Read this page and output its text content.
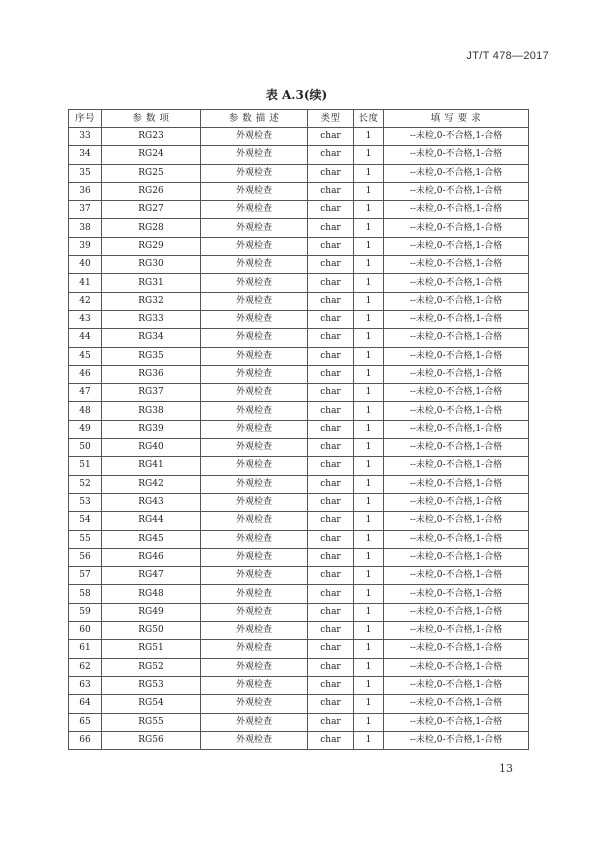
JT/T 478—2017
表 A.3(续)
序号	参 数 项	参 数 描 述	类型	长度	填 写 要 求
33	RG23	外观检查	char	1	--未检,0-不合格,1-合格
34	RG24	外观检查	char	1	--未检,0-不合格,1-合格
35	RG25	外观检查	char	1	--未检,0-不合格,1-合格
36	RG26	外观检查	char	1	--未检,0-不合格,1-合格
37	RG27	外观检查	char	1	--未检,0-不合格,1-合格
38	RG28	外观检查	char	1	--未检,0-不合格,1-合格
39	RG29	外观检查	char	1	--未检,0-不合格,1-合格
40	RG30	外观检查	char	1	--未检,0-不合格,1-合格
41	RG31	外观检查	char	1	--未检,0-不合格,1-合格
42	RG32	外观检查	char	1	--未检,0-不合格,1-合格
43	RG33	外观检查	char	1	--未检,0-不合格,1-合格
44	RG34	外观检查	char	1	--未检,0-不合格,1-合格
45	RG35	外观检查	char	1	--未检,0-不合格,1-合格
46	RG36	外观检查	char	1	--未检,0-不合格,1-合格
47	RG37	外观检查	char	1	--未检,0-不合格,1-合格
48	RG38	外观检查	char	1	--未检,0-不合格,1-合格
49	RG39	外观检查	char	1	--未检,0-不合格,1-合格
50	RG40	外观检查	char	1	--未检,0-不合格,1-合格
51	RG41	外观检查	char	1	--未检,0-不合格,1-合格
52	RG42	外观检查	char	1	--未检,0-不合格,1-合格
53	RG43	外观检查	char	1	--未检,0-不合格,1-合格
54	RG44	外观检查	char	1	--未检,0-不合格,1-合格
55	RG45	外观检查	char	1	--未检,0-不合格,1-合格
56	RG46	外观检查	char	1	--未检,0-不合格,1-合格
57	RG47	外观检查	char	1	--未检,0-不合格,1-合格
58	RG48	外观检查	char	1	--未检,0-不合格,1-合格
59	RG49	外观检查	char	1	--未检,0-不合格,1-合格
60	RG50	外观检查	char	1	--未检,0-不合格,1-合格
61	RG51	外观检查	char	1	--未检,0-不合格,1-合格
62	RG52	外观检查	char	1	--未检,0-不合格,1-合格
63	RG53	外观检查	char	1	--未检,0-不合格,1-合格
64	RG54	外观检查	char	1	--未检,0-不合格,1-合格
65	RG55	外观检查	char	1	--未检,0-不合格,1-合格
66	RG56	外观检查	char	1	--未检,0-不合格,1-合格
13
